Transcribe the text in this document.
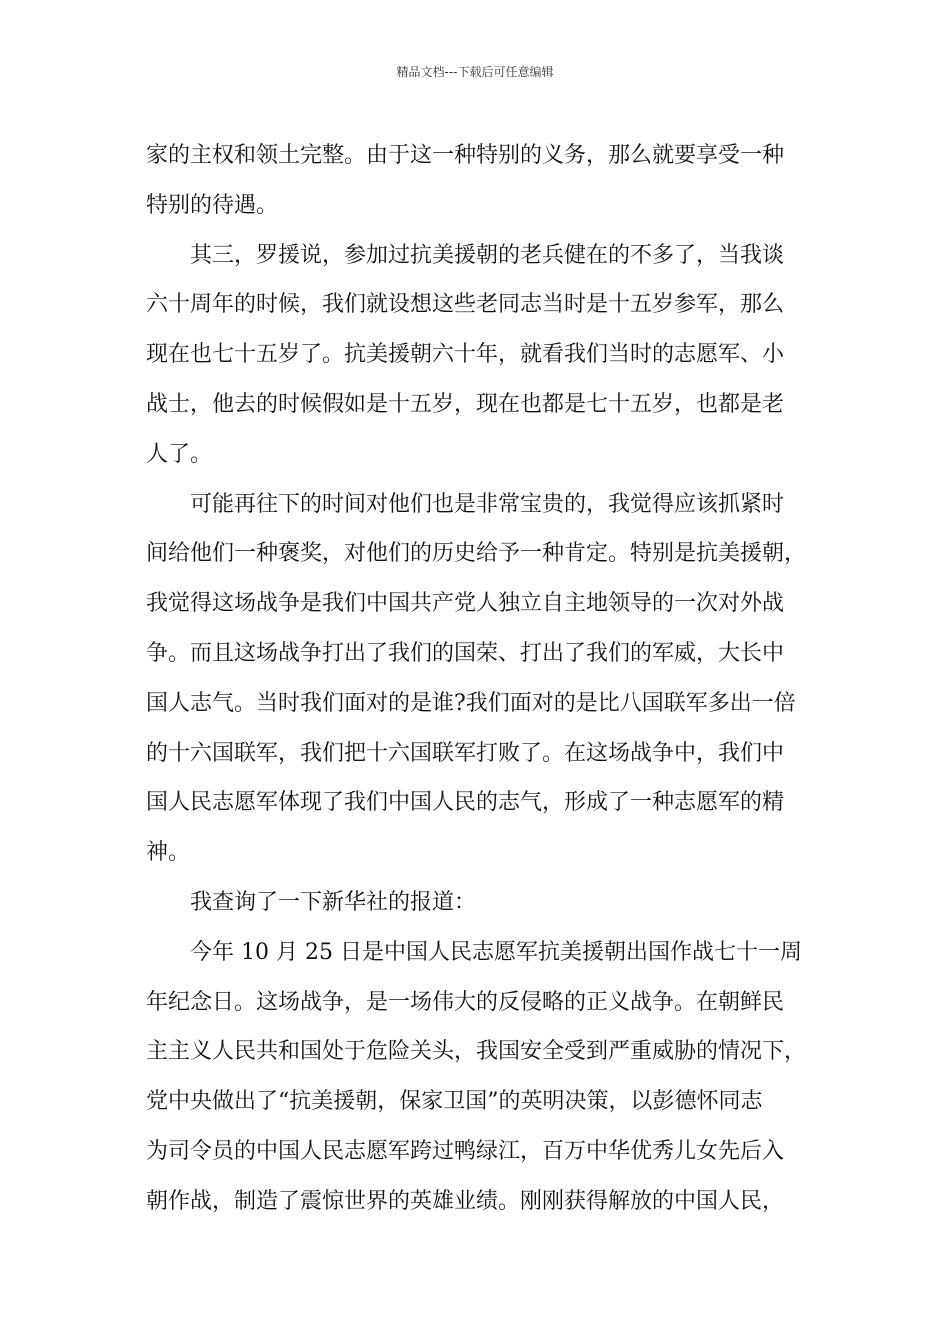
精品文档---下载后可任意编辑
家的主权和领土完整。由于这一种特别的义务，那么就要享受一种
特别的待遇。
其三，罗援说，参加过抗美援朝的老兵健在的不多了，当我谈
六十周年的时候，我们就设想这些老同志当时是十五岁参军，那么
现在也七十五岁了。抗美援朝六十年，就看我们当时的志愿军、小
战士，他去的时候假如是十五岁，现在也都是七十五岁，也都是老
人了。
可能再往下的时间对他们也是非常宝贵的，我觉得应该抓紧时
间给他们一种褒奖，对他们的历史给予一种肯定。特别是抗美援朝，
我觉得这场战争是我们中国共产党人独立自主地领导的一次对外战
争。而且这场战争打出了我们的国荣、打出了我们的军威，大长中
国人志气。当时我们面对的是谁?我们面对的是比八国联军多出一倍
的十六国联军，我们把十六国联军打败了。在这场战争中，我们中
国人民志愿军体现了我们中国人民的志气，形成了一种志愿军的精
神。
我查询了一下新华社的报道：
今年 10 月 25 日是中国人民志愿军抗美援朝出国作战七十一周
年纪念日。这场战争，是一场伟大的反侵略的正义战争。在朝鲜民
主主义人民共和国处于危险关头，我国安全受到严重威胁的情况下，
党中央做出了“抗美援朝，保家卫国”的英明决策，以彭德怀同志
为司令员的中国人民志愿军跨过鸭绿江，百万中华优秀儿女先后入
朝作战，制造了震惊世界的英雄业绩。刚刚获得解放的中国人民，
